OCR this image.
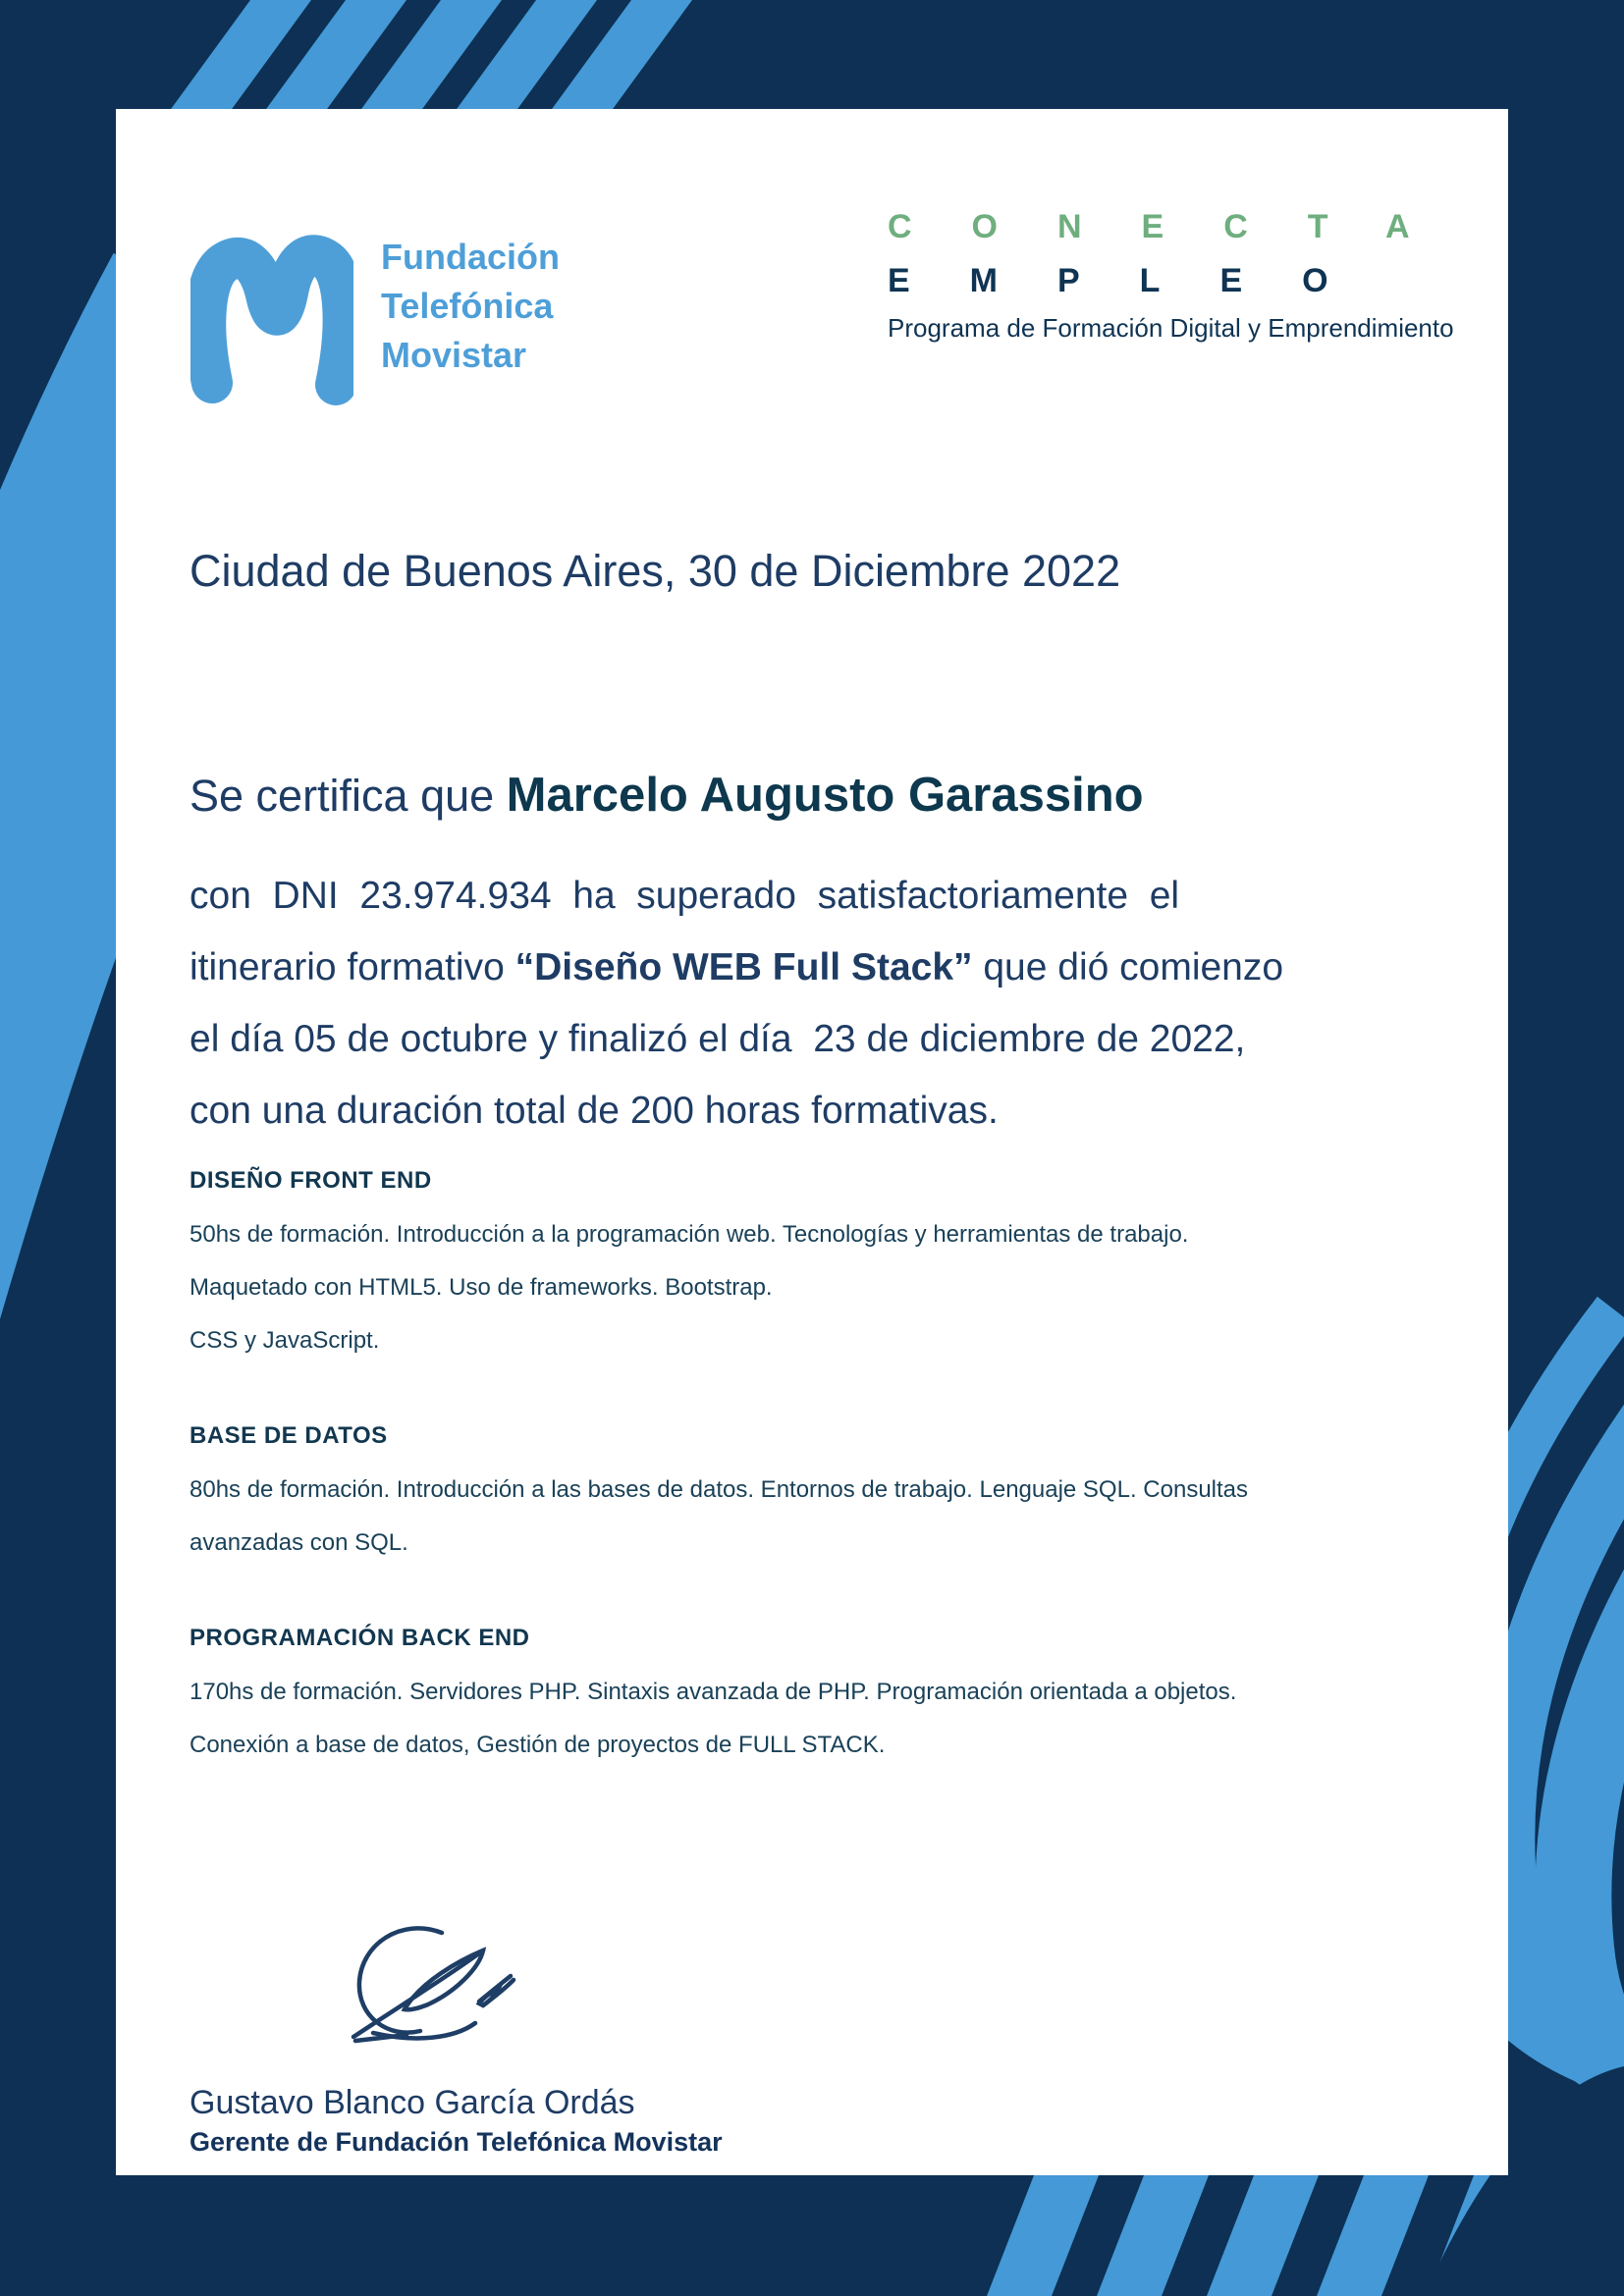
Fundación
Telefónica
Movistar
CONECTA
EMPLEO
Programa de Formación Digital y Emprendimiento
Ciudad de Buenos Aires, 30 de Diciembre 2022
Se certifica que Marcelo Augusto Garassino
con  DNI  23.974.934  ha  superado  satisfactoriamente  el
itinerario formativo “Diseño WEB Full Stack” que dió comienzo
el día 05 de octubre y finalizó el día  23 de diciembre de 2022,
con una duración total de 200 horas formativas.
DISEÑO FRONT END

50hs de formación. Introducción a la programación web. Tecnologías y herramientas de trabajo.

Maquetado con HTML5. Uso de frameworks. Bootstrap.

CSS y JavaScript.

BASE DE DATOS

80hs de formación. Introducción a las bases de datos. Entornos de trabajo. Lenguaje SQL. Consultas

avanzadas con SQL.

PROGRAMACIÓN BACK END

170hs de formación. Servidores PHP. Sintaxis avanzada de PHP. Programación orientada a objetos.

Conexión a base de datos, Gestión de proyectos de FULL STACK.

Gustavo Blanco García Ordás
Gerente de Fundación Telefónica Movistar
